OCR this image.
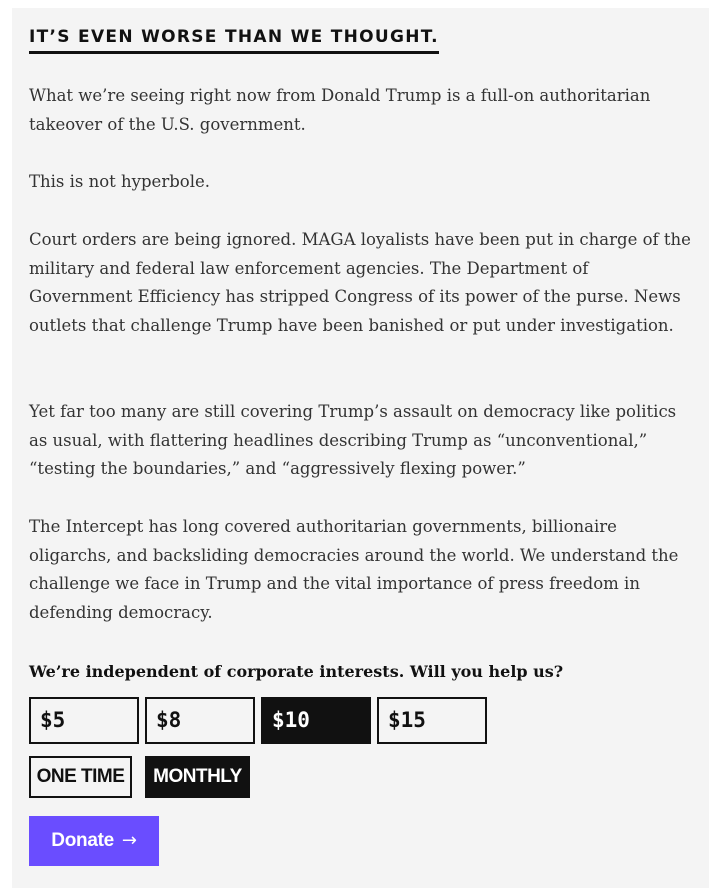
IT’S EVEN WORSE THAN WE THOUGHT.

What we’re seeing right now from Donald Trump is a full-on authoritarian takeover of the U.S. government.

This is not hyperbole.

Court orders are being ignored. MAGA loyalists have been put in charge of the military and federal law enforcement agencies. The Department of Government Efficiency has stripped Congress of its power of the purse. News outlets that challenge Trump have been banished or put under investigation.

Yet far too many are still covering Trump’s assault on democracy like politics as usual, with flattering headlines describing Trump as “unconventional,” “testing the boundaries,” and “aggressively flexing power.”

The Intercept has long covered authoritarian governments, billionaire oligarchs, and backsliding democracies around the world. We understand the challenge we face in Trump and the vital importance of press freedom in defending democracy.

We’re independent of corporate interests. Will you help us?
$5	$8	$10	$15
ONE TIME	MONTHLY
Donate →
